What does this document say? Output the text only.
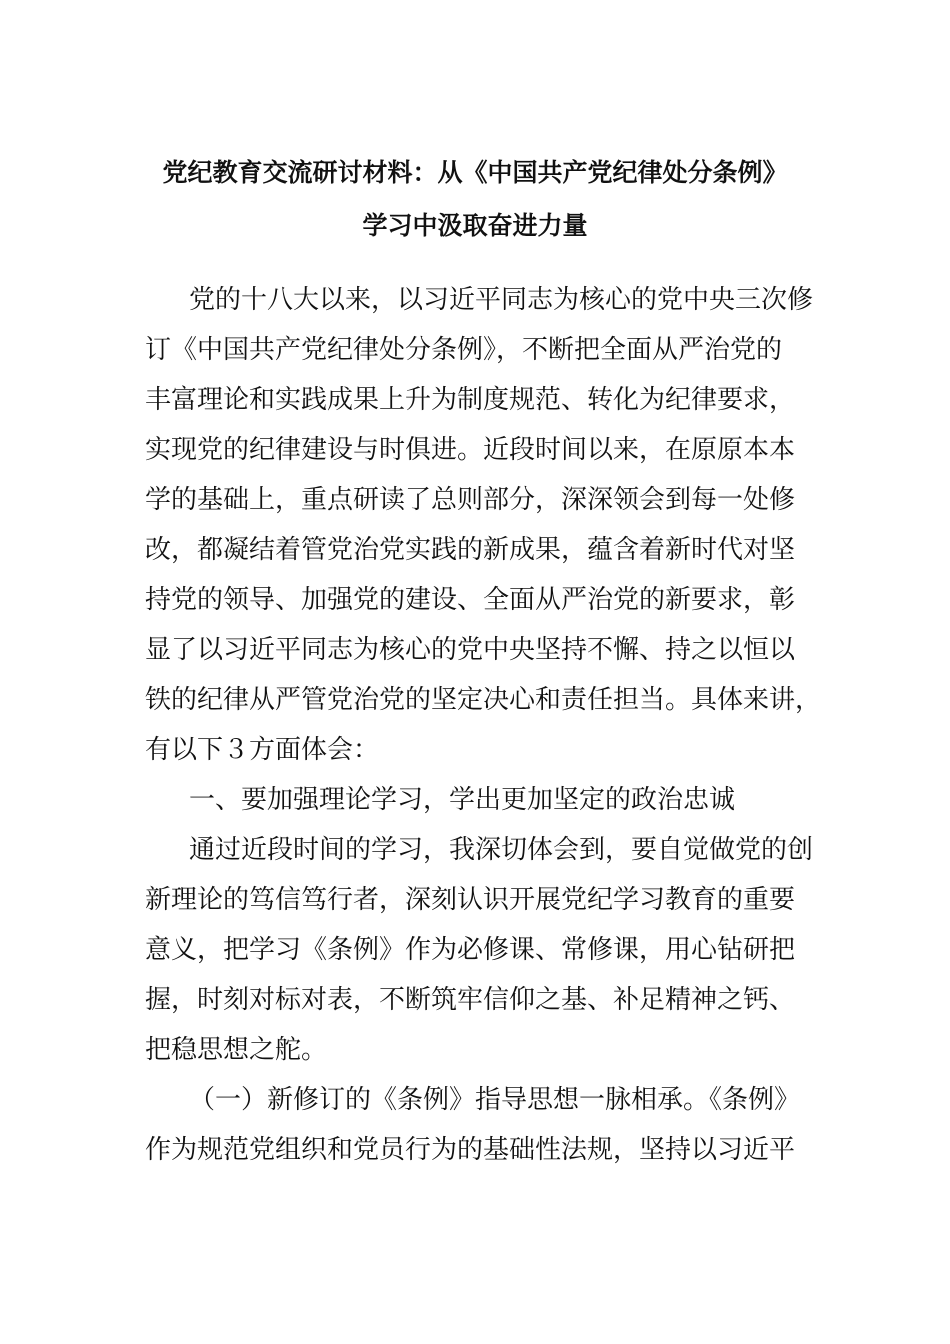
党纪教育交流研讨材料：从《中国共产党纪律处分条例》
学习中汲取奋进力量
党的十八大以来，以习近平同志为核心的党中央三次修
订《中国共产党纪律处分条例》，不断把全面从严治党的
丰富理论和实践成果上升为制度规范、转化为纪律要求，
实现党的纪律建设与时俱进。近段时间以来，在原原本本
学的基础上，重点研读了总则部分，深深领会到每一处修
改，都凝结着管党治党实践的新成果，蕴含着新时代对坚
持党的领导、加强党的建设、全面从严治党的新要求，彰
显了以习近平同志为核心的党中央坚持不懈、持之以恒以
铁的纪律从严管党治党的坚定决心和责任担当。具体来讲，
有以下３方面体会：
一、要加强理论学习，学出更加坚定的政治忠诚
通过近段时间的学习，我深切体会到，要自觉做党的创
新理论的笃信笃行者，深刻认识开展党纪学习教育的重要
意义，把学习《条例》作为必修课、常修课，用心钻研把
握，时刻对标对表，不断筑牢信仰之基、补足精神之钙、
把稳思想之舵。
（一）新修订的《条例》指导思想一脉相承。《条例》
作为规范党组织和党员行为的基础性法规，坚持以习近平
